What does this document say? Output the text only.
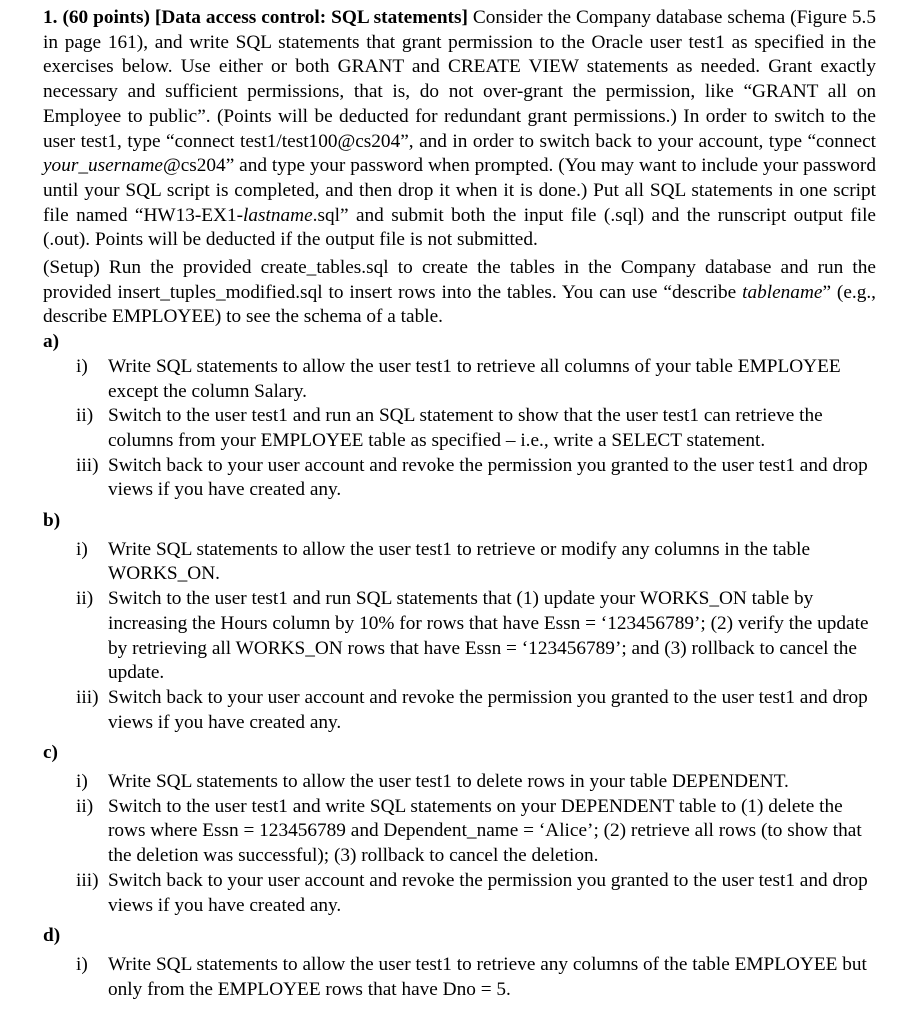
1. (60 points) [Data access control: SQL statements] Consider the Company database schema (Figure 5.5 in page 161), and write SQL statements that grant permission to the Oracle user test1 as specified in the exercises below. Use either or both GRANT and CREATE VIEW statements as needed. Grant exactly necessary and sufficient permissions, that is, do not over-grant the permission, like “GRANT all on Employee to public”. (Points will be deducted for redundant grant permissions.) In order to switch to the user test1, type “connect test1/test100@cs204”, and in order to switch back to your account, type “connect your_username@cs204” and type your password when prompted. (You may want to include your password until your SQL script is completed, and then drop it when it is done.) Put all SQL statements in one script file named “HW13-EX1-lastname.sql” and submit both the input file (.sql) and the runscript output file (.out). Points will be deducted if the output file is not submitted.

(Setup) Run the provided create_tables.sql to create the tables in the Company database and run the provided insert_tuples_modified.sql to insert rows into the tables. You can use “describe tablename” (e.g., describe EMPLOYEE) to see the schema of a table.

a)
i) Write SQL statements to allow the user test1 to retrieve all columns of your table EMPLOYEE except the column Salary.
ii) Switch to the user test1 and run an SQL statement to show that the user test1 can retrieve the columns from your EMPLOYEE table as specified – i.e., write a SELECT statement.
iii) Switch back to your user account and revoke the permission you granted to the user test1 and drop views if you have created any.
b)
i) Write SQL statements to allow the user test1 to retrieve or modify any columns in the table WORKS_ON.
ii) Switch to the user test1 and run SQL statements that (1) update your WORKS_ON table by increasing the Hours column by 10% for rows that have Essn = ‘123456789’; (2) verify the update by retrieving all WORKS_ON rows that have Essn = ‘123456789’; and (3) rollback to cancel the update.
iii) Switch back to your user account and revoke the permission you granted to the user test1 and drop views if you have created any.
c)
i) Write SQL statements to allow the user test1 to delete rows in your table DEPENDENT.
ii) Switch to the user test1 and write SQL statements on your DEPENDENT table to (1) delete the rows where Essn = 123456789 and Dependent_name = ‘Alice’; (2) retrieve all rows (to show that the deletion was successful); (3) rollback to cancel the deletion.
iii) Switch back to your user account and revoke the permission you granted to the user test1 and drop views if you have created any.
d)
i) Write SQL statements to allow the user test1 to retrieve any columns of the table EMPLOYEE but only from the EMPLOYEE rows that have Dno = 5.
